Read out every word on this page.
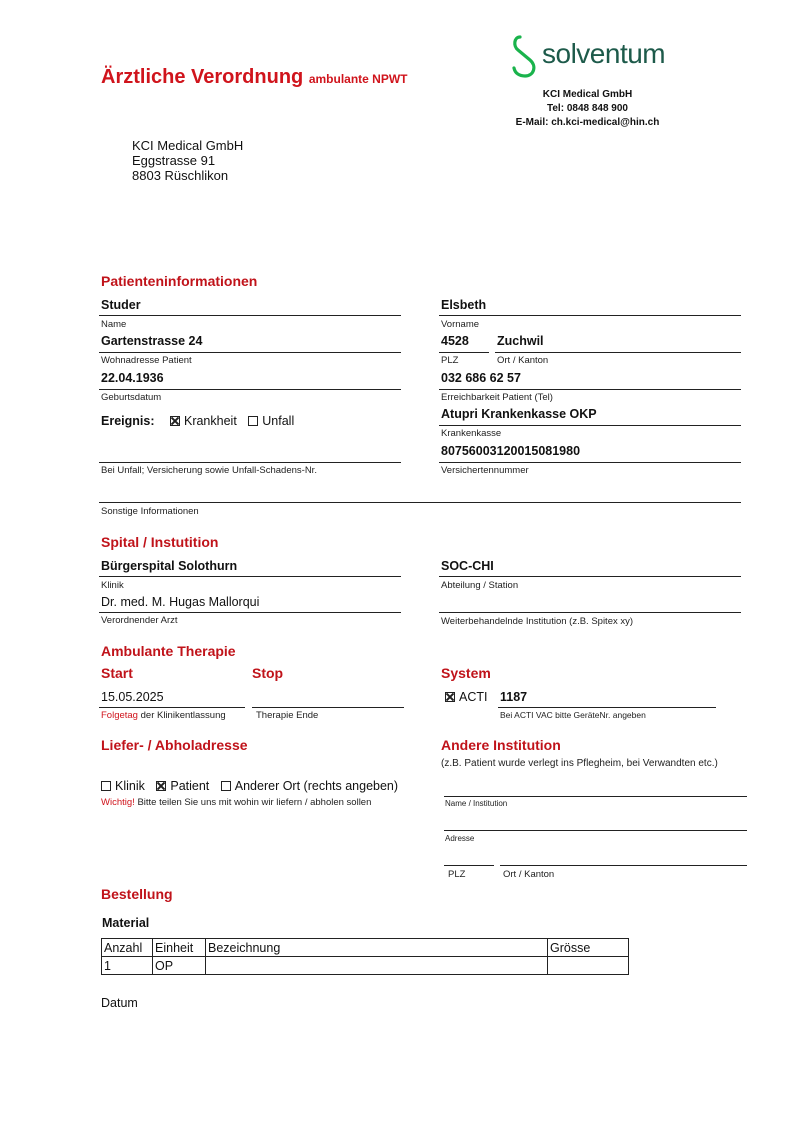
Ärztliche Verordnung ambulante NPWT
solventum
KCI Medical GmbH
Tel: 0848 848 900
E-Mail: ch.kci-medical@hin.ch
KCI Medical GmbH
Eggstrasse 91
8803 Rüschlikon
Patienteninformationen
Studer
Name
Elsbeth
Vorname
Gartenstrasse 24
Wohnadresse Patient
4528
PLZ
Zuchwil
Ort / Kanton
22.04.1936
Geburtsdatum
032 686 62 57
Erreichbarkeit Patient (Tel)
Ereignis: Krankheit Unfall	Atupri Krankenkasse OKP
Krankenkasse
Bei Unfall; Versicherung sowie Unfall-Schadens-Nr.
80756003120015081980
Versichertennummer
Sonstige Informationen
Spital / Instutition
Bürgerspital Solothurn
Klinik
SOC-CHI
Abteilung / Station
Dr. med. M. Hugas Mallorqui
Verordnender Arzt	Weiterbehandelnde Institution (z.B. Spitex xy)
Ambulante Therapie
Start	Stop	System
15.05.2025
Folgetag der Klinikentlassung	Therapie Ende
ACTI 1187
Bei ACTI VAC bitte GeräteNr. angeben
Liefer- / Abholadresse
Klinik Patient Anderer Ort (rechts angeben)
Wichtig! Bitte teilen Sie uns mit wohin wir liefern / abholen sollen
Andere Institution
(z.B. Patient wurde verlegt ins Pflegheim, bei Verwandten etc.)
Name / Institution
Adresse
PLZ	Ort / Kanton
Bestellung
Material
Anzahl	Einheit	Bezeichnung	Grösse
1	OP		
Datum
